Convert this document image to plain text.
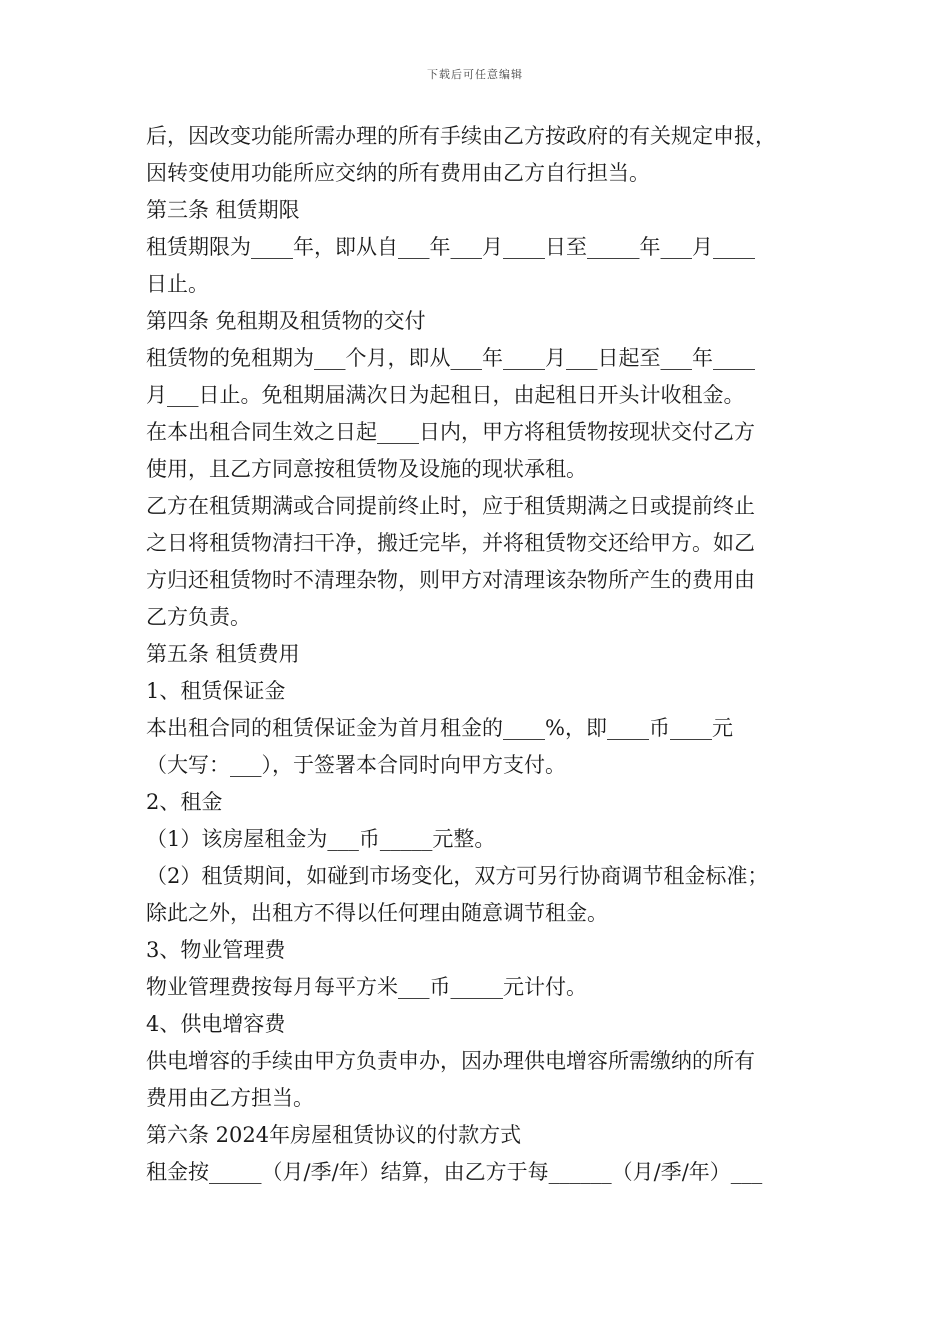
下载后可任意编辑
后，因改变功能所需办理的所有手续由乙方按政府的有关规定申报，
因转变使用功能所应交纳的所有费用由乙方自行担当。
第三条 租赁期限
租赁期限为____年，即从自___年___月____日至_____年___月____
日止。
第四条 免租期及租赁物的交付
租赁物的免租期为___个月，即从___年____月___日起至___年____
月___日止。免租期届满次日为起租日，由起租日开头计收租金。
在本出租合同生效之日起____日内，甲方将租赁物按现状交付乙方
使用，且乙方同意按租赁物及设施的现状承租。
乙方在租赁期满或合同提前终止时，应于租赁期满之日或提前终止
之日将租赁物清扫干净，搬迁完毕，并将租赁物交还给甲方。如乙
方归还租赁物时不清理杂物，则甲方对清理该杂物所产生的费用由
乙方负责。
第五条 租赁费用
1、租赁保证金
本出租合同的租赁保证金为首月租金的____%，即____币____元
（大写：___），于签署本合同时向甲方支付。
2、租金
（1）该房屋租金为___币_____元整。
（2）租赁期间，如碰到市场变化，双方可另行协商调节租金标准；
除此之外，出租方不得以任何理由随意调节租金。
3、物业管理费
物业管理费按每月每平方米___币_____元计付。
4、供电增容费
供电增容的手续由甲方负责申办，因办理供电增容所需缴纳的所有
费用由乙方担当。
第六条 2024年房屋租赁协议的付款方式
租金按_____（月/季/年）结算，由乙方于每______（月/季/年）___
